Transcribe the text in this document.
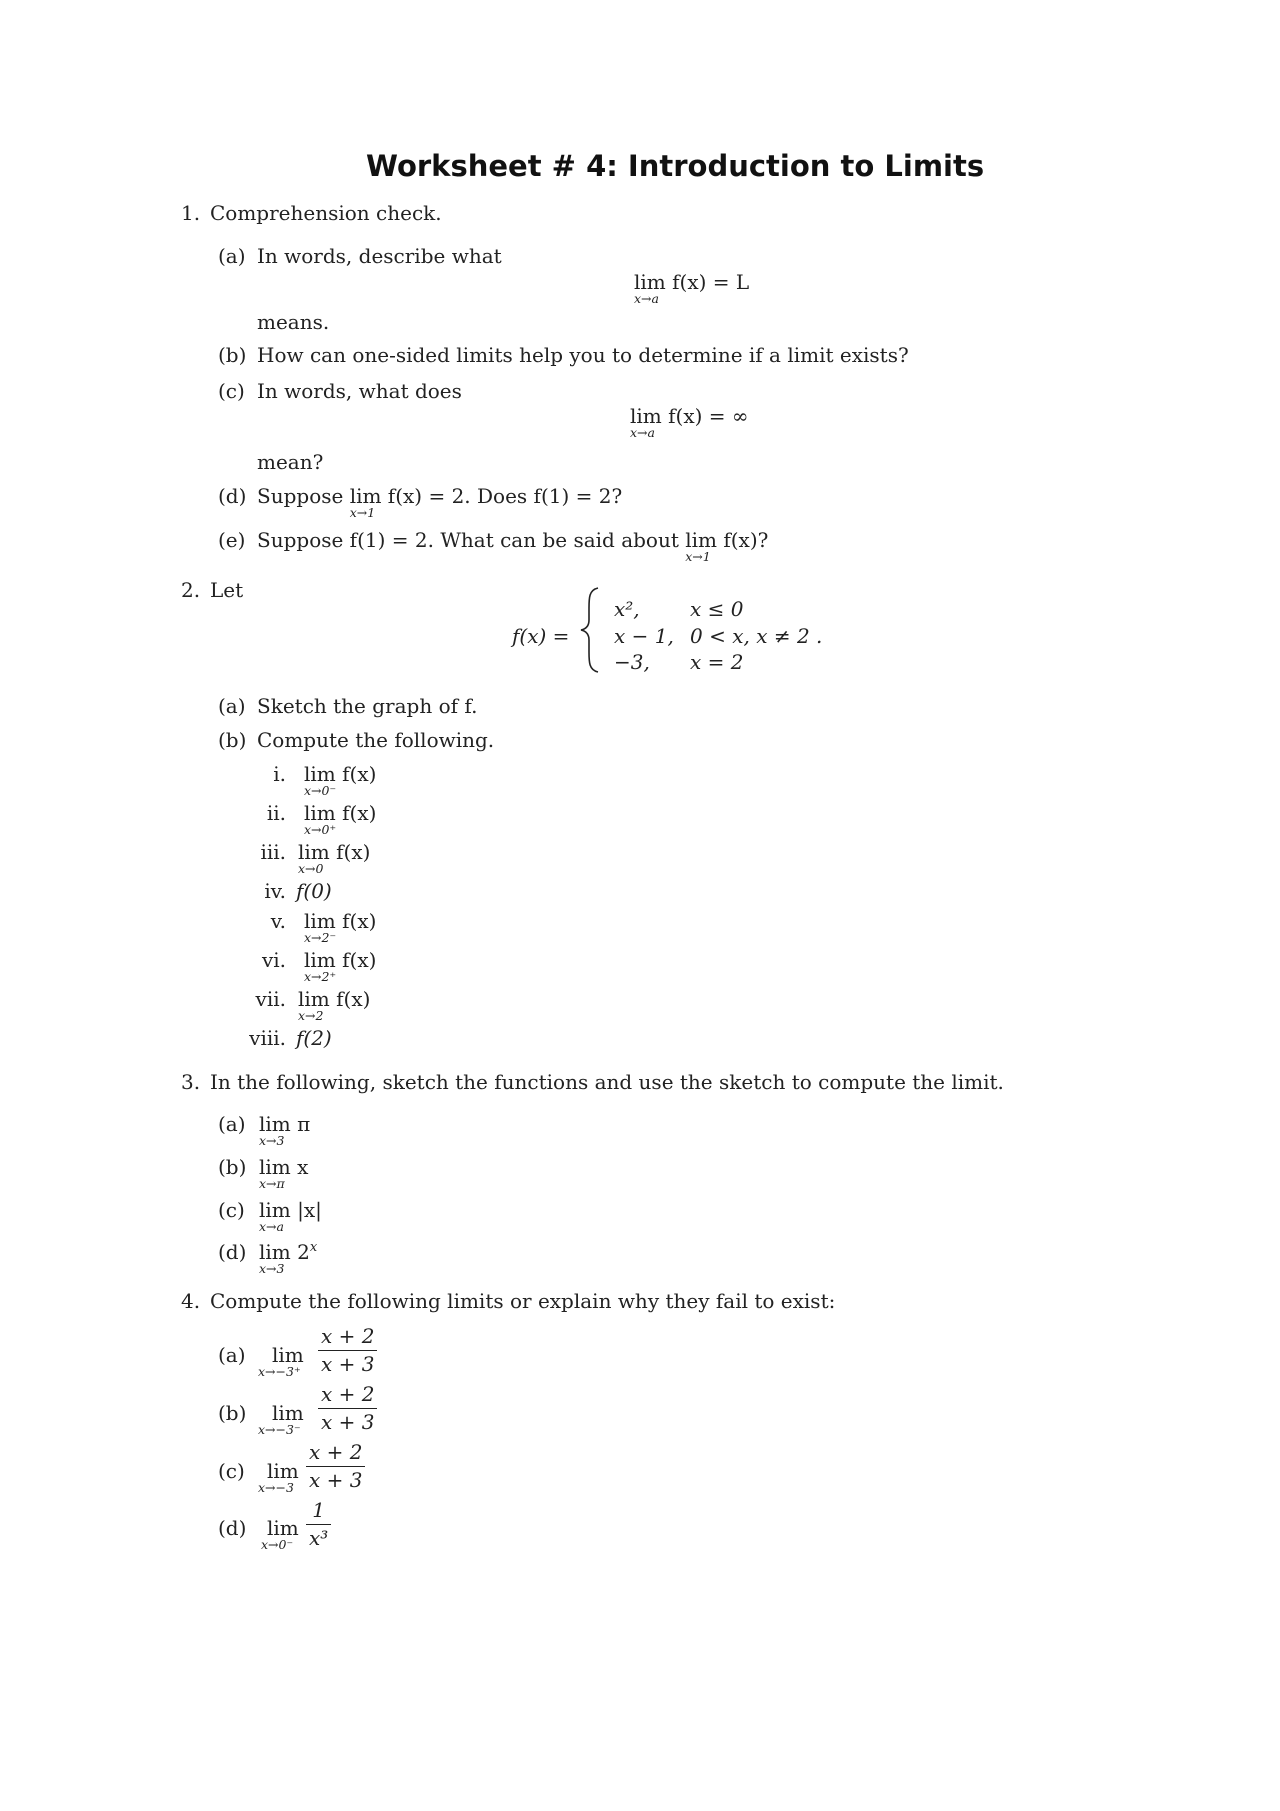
Worksheet # 4: Introduction to Limits
1. Comprehension check.
(a) In words, describe what
lim f(x) = L
x→a
means.
(b) How can one-sided limits help you to determine if a limit exists?
(c) In words, what does
lim f(x) = ∞
x→a
mean?
(d) Suppose lim f(x) = 2.
x→1
Does f(1) = 2?
(e) Suppose f(1) = 2. What can be said about lim f(x)?
x→1
2. Let
f(x) =
x²,	x ≤ 0
x − 1, 0 < x, x ≠ 2 .
−3, x = 2
(a) Sketch the graph of f.
(b) Compute the following.
i. lim f(x)
x→0⁻
ii. lim f(x)
x→0⁺
iii. lim f(x)
x→0
iv. f(0)
v. lim f(x)
x→2⁻
vi. lim f(x)
x→2⁺
vii. lim f(x)
x→2
viii. f(2)
3. In the following, sketch the functions and use the sketch to compute the limit.
(a) lim π
x→3
(b) lim x
x→π
(c) lim |x|
x→a
(d) lim 2$^x$
x→3
4. Compute the following limits or explain why they fail to exist:
(a) lim
$x\to-3^+ \frac{x + 2}{x + 3}$
(b) lim
$x\to-3^- \frac{x + 2}{x + 3}$
(c) lim
$x\to-3 \frac{x + 2}{x + 3}$
(d) lim
$x\to 0^- \frac{1}{\text{x³}}$
